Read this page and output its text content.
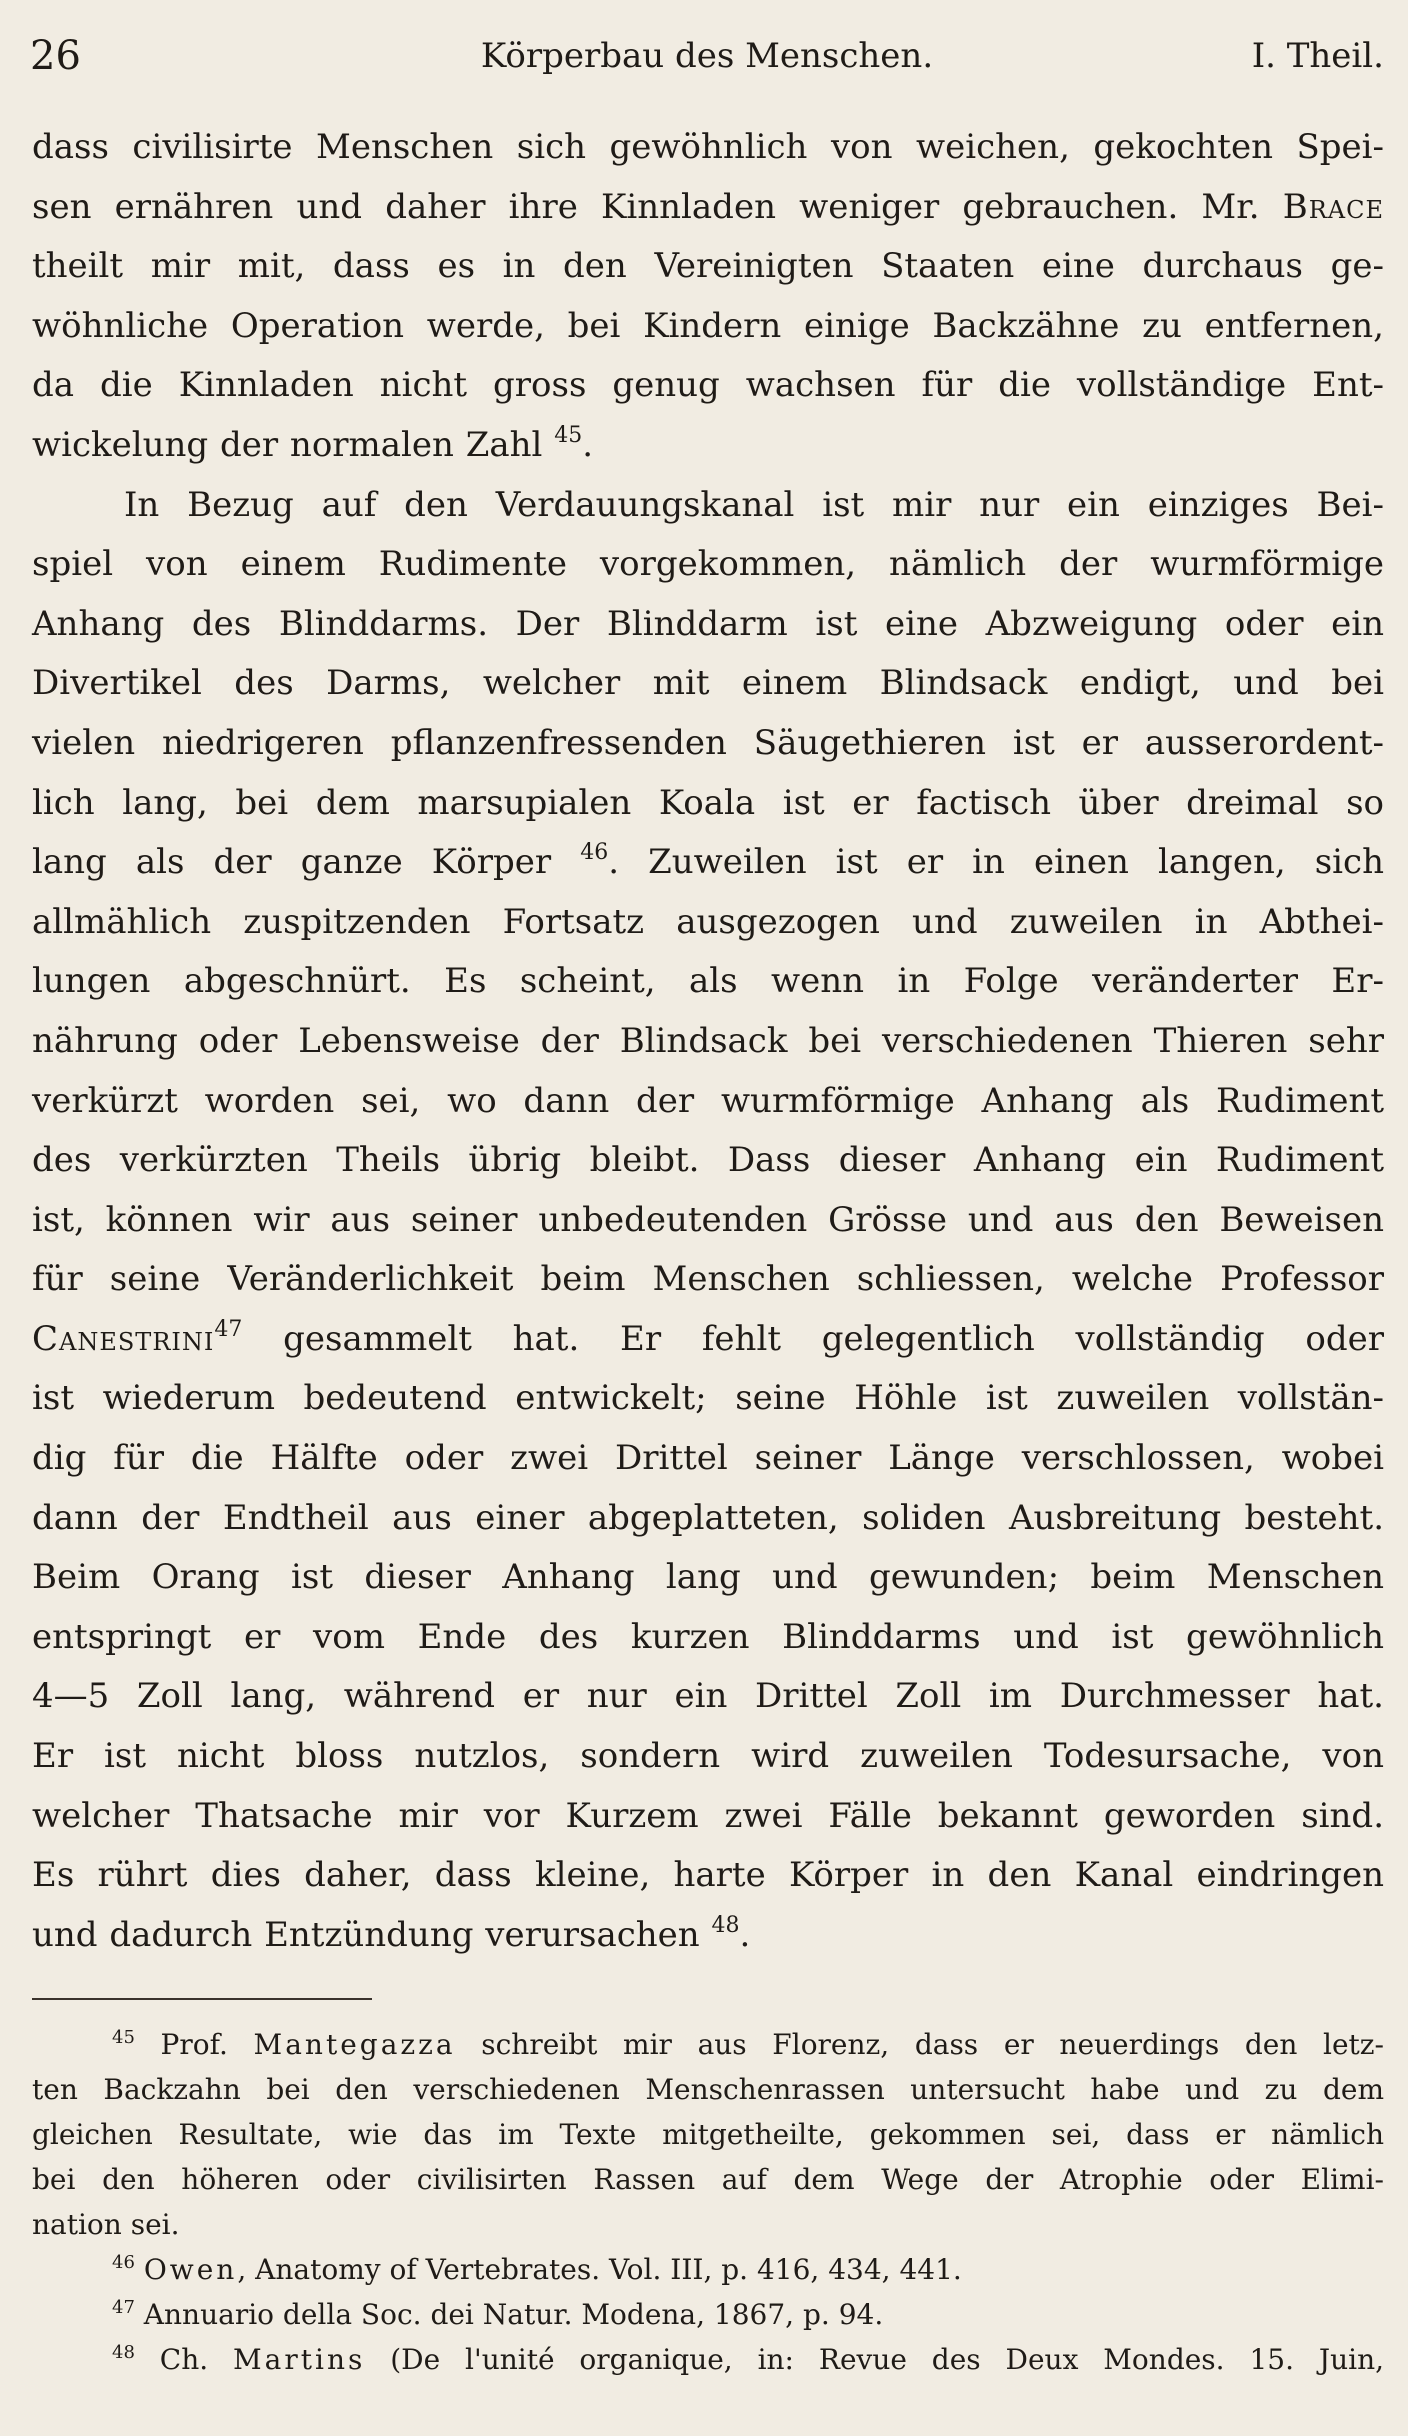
26	Körperbau des Menschen.	I. Theil.
dass civilisirte Menschen sich gewöhnlich von weichen, gekochten Spei-
sen ernähren und daher ihre Kinnladen weniger gebrauchen. Mr. Brace
theilt mir mit, dass es in den Vereinigten Staaten eine durchaus ge-
wöhnliche Operation werde, bei Kindern einige Backzähne zu entfernen,
da die Kinnladen nicht gross genug wachsen für die vollständige Ent-
wickelung der normalen Zahl $^{45}$.
In Bezug auf den Verdauungskanal ist mir nur ein einziges Bei-
spiel von einem Rudimente vorgekommen, nämlich der wurmförmige
Anhang des Blinddarms. Der Blinddarm ist eine Abzweigung oder ein
Divertikel des Darms, welcher mit einem Blindsack endigt, und bei
vielen niedrigeren pflanzenfressenden Säugethieren ist er ausserordent-
lich lang, bei dem marsupialen Koala ist er factisch über dreimal so
lang als der ganze Körper $^{46}$. Zuweilen ist er in einen langen, sich
allmählich zuspitzenden Fortsatz ausgezogen und zuweilen in Abthei-
lungen abgeschnürt. Es scheint, als wenn in Folge veränderter Er-
nährung oder Lebensweise der Blindsack bei verschiedenen Thieren sehr
verkürzt worden sei, wo dann der wurmförmige Anhang als Rudiment
des verkürzten Theils übrig bleibt. Dass dieser Anhang ein Rudiment
ist, können wir aus seiner unbedeutenden Grösse und aus den Beweisen
für seine Veränderlichkeit beim Menschen schliessen, welche Professor
Canestrini$^{47}$ gesammelt hat. Er fehlt gelegentlich vollständig oder
ist wiederum bedeutend entwickelt; seine Höhle ist zuweilen vollstän-
dig für die Hälfte oder zwei Drittel seiner Länge verschlossen, wobei
dann der Endtheil aus einer abgeplatteten, soliden Ausbreitung besteht.
Beim Orang ist dieser Anhang lang und gewunden; beim Menschen
entspringt er vom Ende des kurzen Blinddarms und ist gewöhnlich
4—5 Zoll lang, während er nur ein Drittel Zoll im Durchmesser hat.
Er ist nicht bloss nutzlos, sondern wird zuweilen Todesursache, von
welcher Thatsache mir vor Kurzem zwei Fälle bekannt geworden sind.
Es rührt dies daher, dass kleine, harte Körper in den Kanal eindringen
und dadurch Entzündung verursachen $^{48}$.
$^{45}$ Prof. Mantegazza schreibt mir aus Florenz, dass er neuerdings den letz-
ten Backzahn bei den verschiedenen Menschenrassen untersucht habe und zu dem
gleichen Resultate, wie das im Texte mitgetheilte, gekommen sei, dass er nämlich
bei den höheren oder civilisirten Rassen auf dem Wege der Atrophie oder Elimi-
nation sei.
$^{46}$ Owen, Anatomy of Vertebrates. Vol. III, p. 416, 434, 441.
$^{47}$ Annuario della Soc. dei Natur. Modena, 1867, p. 94.
$^{48}$ Ch. Martins (De l'unité organique, in: Revue des Deux Mondes. 15. Juin,
